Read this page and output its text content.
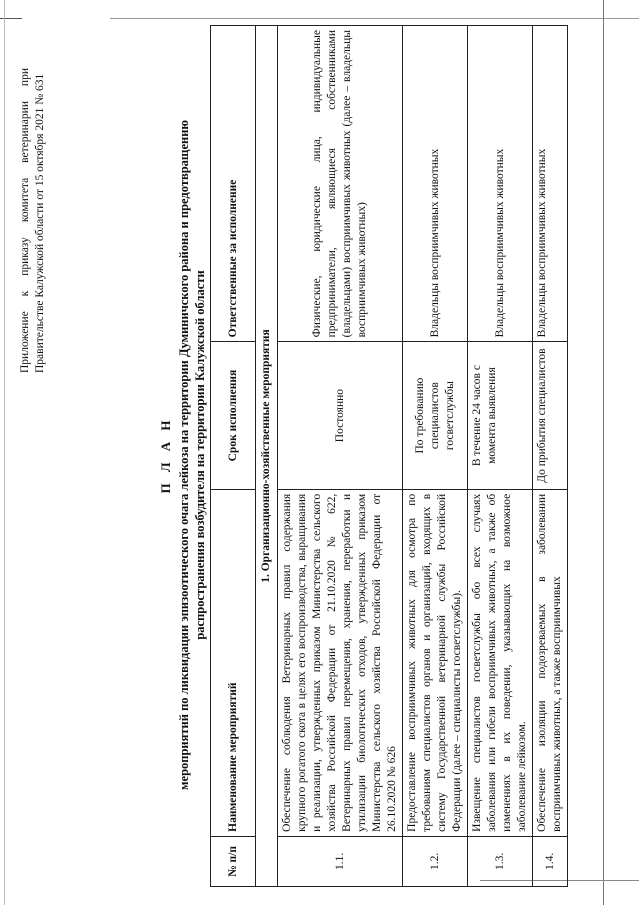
Приложение к приказу комитета ветеринарии при Правительстве Калужской области от 15 октября 2021 № 631
П Л А Н мероприятий по ликвидации эпизоотического очага лейкоза на территории Думиничского района и предотвращению распространения возбудителя на территории Калужской области
№ п/п	Наименование мероприятий	Срок исполнения	Ответственные за исполнение
1. Организационно-хозяйственные мероприятия			
1.1.	Обеспечение соблюдения Ветеринарных правил содержания крупного рогатого скота в целях его воспроизводства, выращивания и реализации, утвержденных приказом Министерства сельского хозяйства Российской Федерации от 21.10.2020 № 622, Ветеринарных правил перемещения, хранения, переработки и утилизации биологических отходов, утвержденных приказом Министерства сельского хозяйства Российской Федерации от 26.10.2020 № 626	Постоянно	Физические, юридические лица, индивидуальные предприниматели, являющиеся собственниками (владельцами) восприимчивых животных (далее – владельцы восприимчивых животных)
1.2.	Предоставление восприимчивых животных для осмотра по требованиям специалистов органов и организаций, входящих в систему Государственной ветеринарной службы Российской Федерации (далее – специалисты госветслужбы).	По требованию специалистов госветслужбы	Владельцы восприимчивых животных
1.3.	Извещение специалистов госветслужбы обо всех случаях заболевания или гибели восприимчивых животных, а также об изменениях в их поведении, указывающих на возможное заболевание лейкозом.	В течение 24 часов с момента выявления	Владельцы восприимчивых животных
1.4.	Обеспечение изоляции подозреваемых в заболевании восприимчивых животных, а также восприимчивых	До прибытия специалистов	Владельцы восприимчивых животных
